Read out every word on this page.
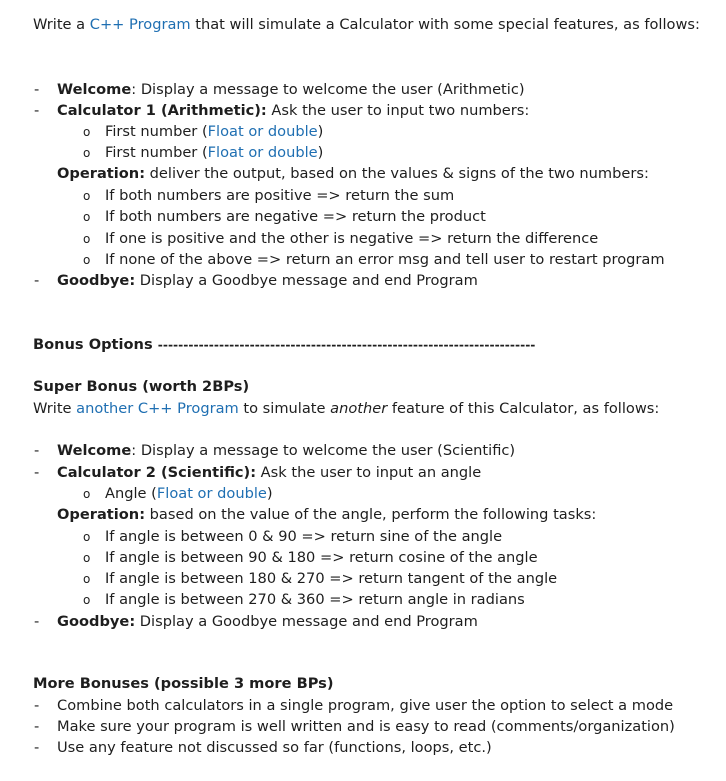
Write a C++ Program that will simulate a Calculator with some special features, as follows:
- Welcome: Display a message to welcome the user (Arithmetic)
- Calculator 1 (Arithmetic): Ask the user to input two numbers:
o First number (Float or double)
o First number (Float or double)
Operation: deliver the output, based on the values & signs of the two numbers:
o If both numbers are positive => return the sum
o If both numbers are negative => return the product
o If one is positive and the other is negative => return the difference
o If none of the above => return an error msg and tell user to restart program
- Goodbye: Display a Goodbye message and end Program
Bonus Options --------------------------------------------------------------------------
Super Bonus (worth 2BPs)
Write another C++ Program to simulate another feature of this Calculator, as follows:
- Welcome: Display a message to welcome the user (Scientific)
- Calculator 2 (Scientific): Ask the user to input an angle
o Angle (Float or double)
Operation: based on the value of the angle, perform the following tasks:
o If angle is between 0 & 90 => return sine of the angle
o If angle is between 90 & 180 => return cosine of the angle
o If angle is between 180 & 270 => return tangent of the angle
o If angle is between 270 & 360 => return angle in radians
- Goodbye: Display a Goodbye message and end Program
More Bonuses (possible 3 more BPs)
- Combine both calculators in a single program, give user the option to select a mode
- Make sure your program is well written and is easy to read (comments/organization)
- Use any feature not discussed so far (functions, loops, etc.)
